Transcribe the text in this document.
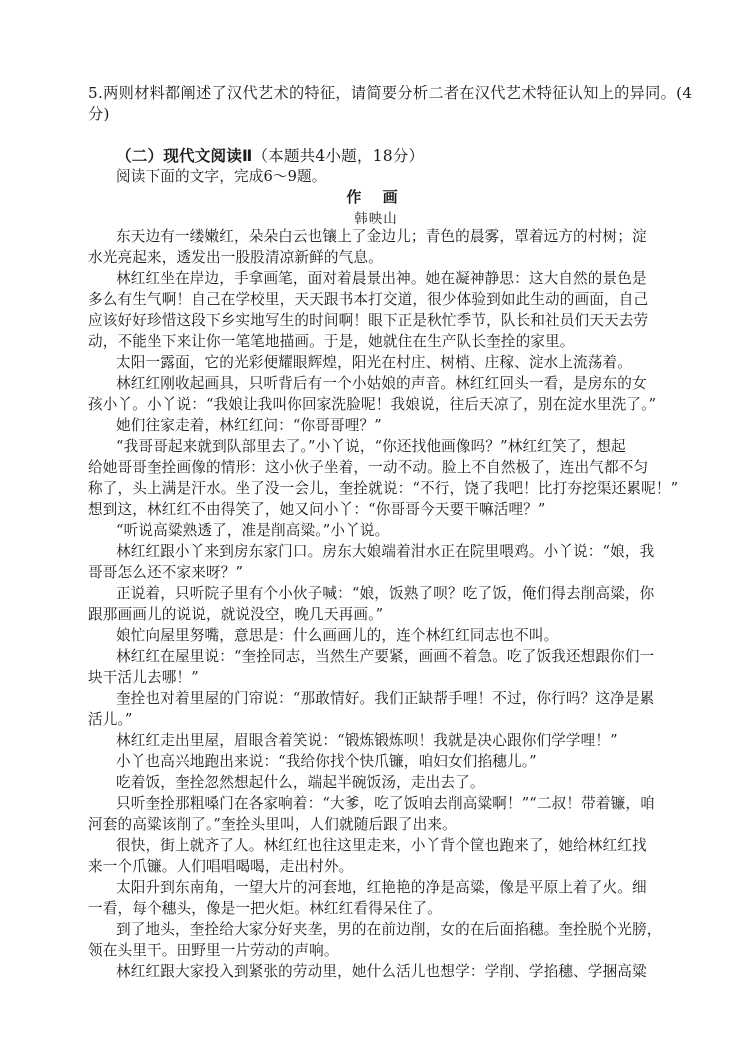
5.两则材料都阐述了汉代艺术的特征，请简要分析二者在汉代艺术特征认知上的异同。(4
分)
（二）现代文阅读Ⅱ（本题共4小题，18分）
阅读下面的文字，完成6～9题。
作 画
韩映山
东天边有一缕嫩红，朵朵白云也镶上了金边儿；青色的晨雾，罩着远方的村树；淀
水光亮起来，透发出一股股清凉新鲜的气息。
林红红坐在岸边，手拿画笔，面对着晨景出神。她在凝神静思：这大自然的景色是
多么有生气啊！自己在学校里，天天跟书本打交道，很少体验到如此生动的画面，自己
应该好好珍惜这段下乡实地写生的时间啊！眼下正是秋忙季节，队长和社员们天天去劳
动，不能坐下来让你一笔笔地描画。于是，她就住在生产队长奎拴的家里。
太阳一露面，它的光彩便耀眼辉煌，阳光在村庄、树梢、庄稼、淀水上流荡着。
林红红刚收起画具，只听背后有一个小姑娘的声音。林红红回头一看，是房东的女
孩小丫。小丫说：“我娘让我叫你回家洗脸呢！我娘说，往后天凉了，别在淀水里洗了。”
她们往家走着，林红红问：“你哥哥哩？”
“我哥哥起来就到队部里去了。”小丫说，“你还找他画像吗？”林红红笑了，想起
给她哥哥奎拴画像的情形：这小伙子坐着，一动不动。脸上不自然极了，连出气都不匀
称了，头上满是汗水。坐了没一会儿，奎拴就说：“不行，饶了我吧！比打夯挖渠还累呢！”
想到这，林红红不由得笑了，她又问小丫：“你哥哥今天要干嘛活哩？”
“听说高粱熟透了，准是削高粱。”小丫说。
林红红跟小丫来到房东家门口。房东大娘端着泔水正在院里喂鸡。小丫说：“娘，我
哥哥怎么还不家来呀？”
正说着，只听院子里有个小伙子喊：“娘，饭熟了呗？吃了饭，俺们得去削高粱，你
跟那画画儿的说说，就说没空，晚几天再画。”
娘忙向屋里努嘴，意思是：什么画画儿的，连个林红红同志也不叫。
林红红在屋里说：“奎拴同志，当然生产要紧，画画不着急。吃了饭我还想跟你们一
块干活儿去哪！”
奎拴也对着里屋的门帘说：“那敢情好。我们正缺帮手哩！不过，你行吗？这净是累
活儿。”
林红红走出里屋，眉眼含着笑说：“锻炼锻炼呗！我就是决心跟你们学学哩！”
小丫也高兴地跑出来说：“我给你找个快爪镰，咱妇女们掐穗儿。”
吃着饭，奎拴忽然想起什么，端起半碗饭汤，走出去了。
只听奎拴那粗嗓门在各家响着：“大爹，吃了饭咱去削高粱啊！”“二叔！带着镰，咱
河套的高粱该削了。”奎拴头里叫，人们就随后跟了出来。
很快，街上就齐了人。林红红也往这里走来，小丫背个筐也跑来了，她给林红红找
来一个爪镰。人们唱唱喝喝，走出村外。
太阳升到东南角，一望大片的河套地，红艳艳的净是高粱，像是平原上着了火。细
一看，每个穗头，像是一把火炬。林红红看得呆住了。
到了地头，奎拴给大家分好夹垄，男的在前边削，女的在后面掐穗。奎拴脱个光膀，
领在头里干。田野里一片劳动的声响。
林红红跟大家投入到紧张的劳动里，她什么活儿也想学：学削、学掐穗、学捆高粱
